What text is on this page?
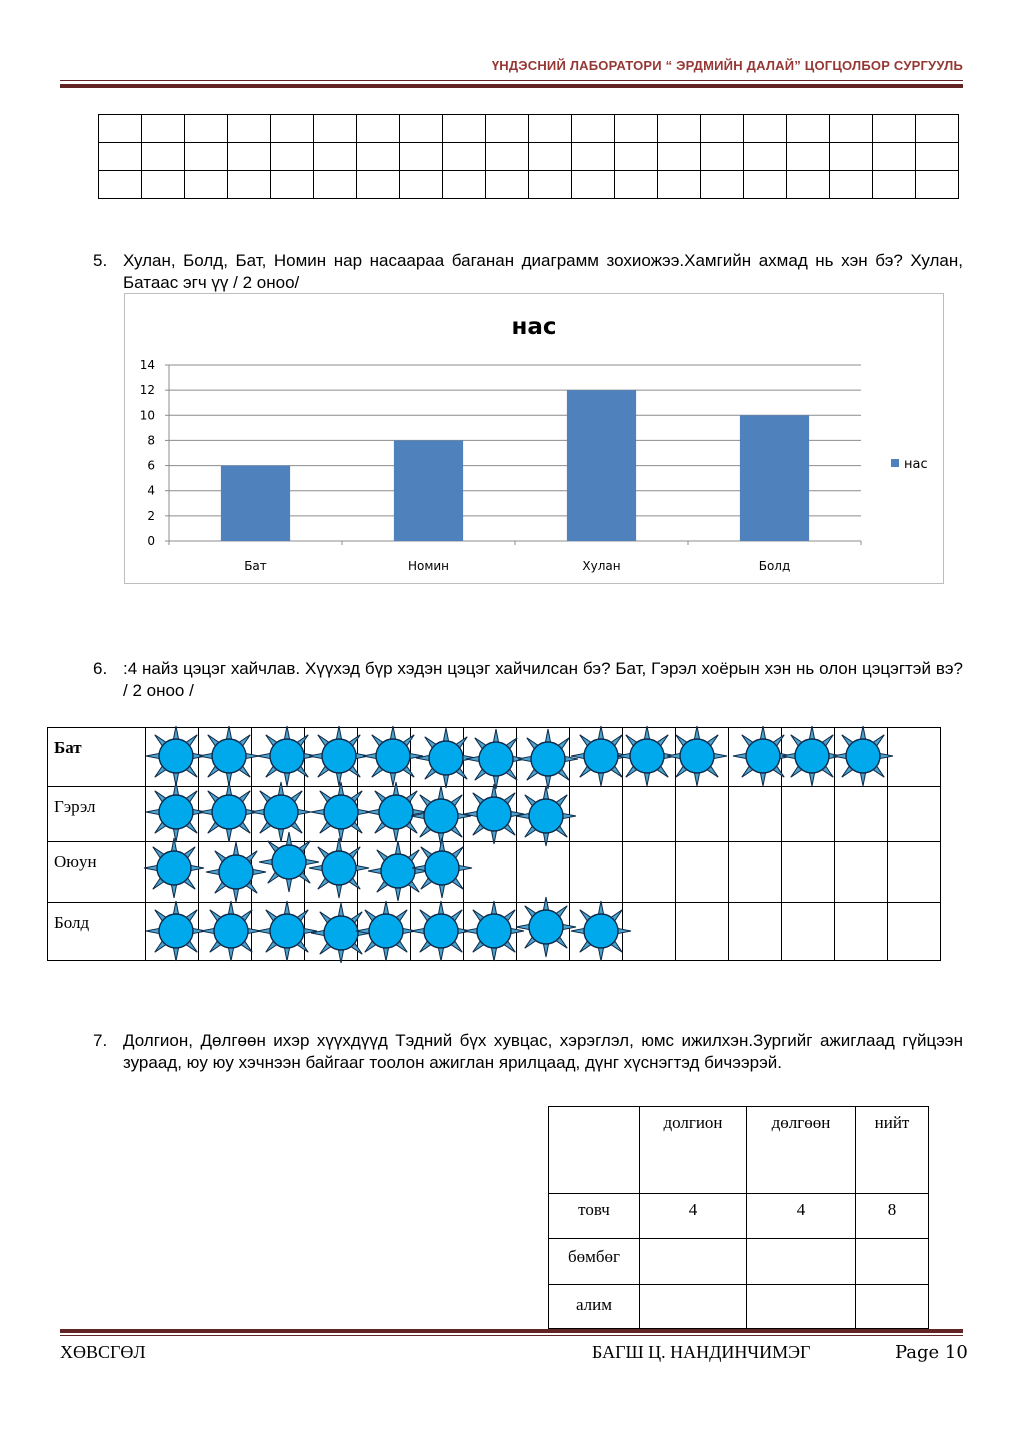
ҮНДЭСНИЙ ЛАБОРАТОРИ “ ЭРДМИЙН ДАЛАЙ” ЦОГЦОЛБОР СУРГУУЛЬ

5. Хулан, Болд, Бат, Номин нар насаараа баганан диаграмм зохиожээ.Хамгийн ахмад нь хэн бэ? Хулан, Батаас эгч үү / 2 оноо/
нас
0
2
4
6
8
10
12
14
Бат	Номин	Хулан	Болд
нас
6. :4 найз цэцэг хайчлав. Хүүхэд бүр хэдэн цэцэг хайчилсан бэ? Бат, Гэрэл хоёрын хэн нь олон цэцэгтэй вэ? / 2 оноо /
Бат															
Гэрэл															
Оюун															
Болд															
7. Долгион, Дөлгөөн ихэр хүүхдүүд Тэдний бүх хувцас, хэрэглэл, юмс ижилхэн.Зургийг ажиглаад гүйцээн зураад, юу юу хэчнээн байгааг тоолон ажиглан ярилцаад, дүнг хүснэгтэд бичээрэй.
	долгион	дөлгөөн	нийт
товч	4	4	8
бөмбөг			
алим			
ХӨВСГӨЛ	БАГШ Ц. НАНДИНЧИМЭГ	Page 10
